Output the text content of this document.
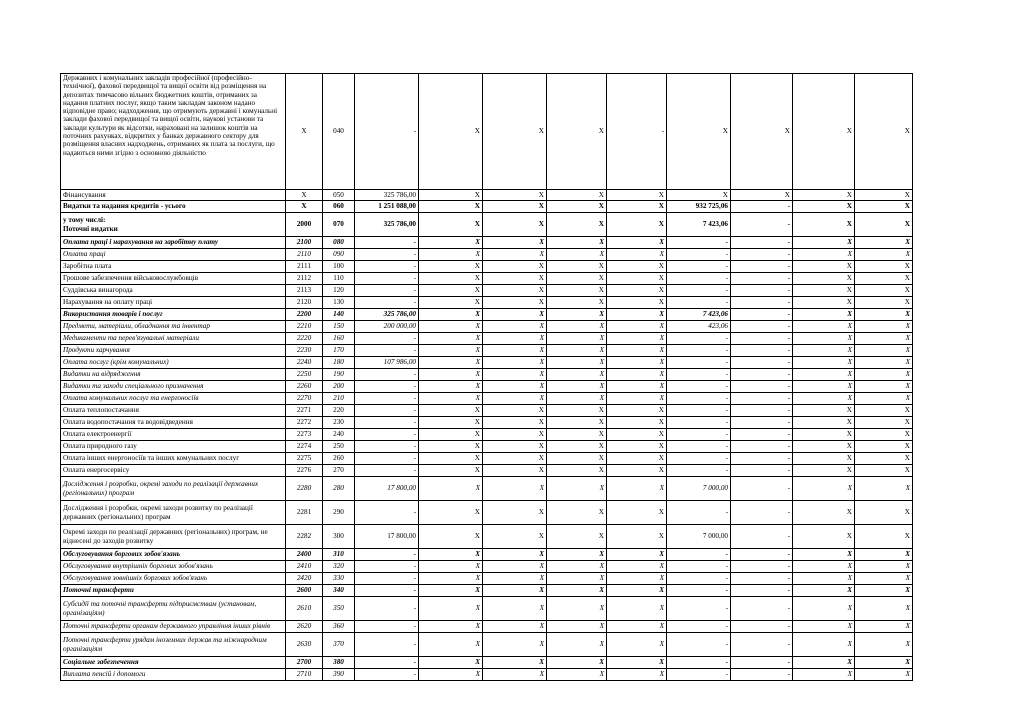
Державних і комунальних закладів професійної (професійно-технічної), фахової передвищої та вищої освіти від розміщення на депозитах тимчасово вільних бюджетних коштів, отриманих за надання платних послуг, якщо таким закладам законом надано відповідне право; надходження, що отримують державні і комунальні заклади фахової передвищої та вищої освіти, наукові установи та заклади культури як відсотки, нараховані на залишок коштів на поточних рахунках, відкритих у банках державного сектору для розміщення власних надходжень, отриманих як плата за послуги, що надаються ними згідно з основною діяльністю	X	040	-	X	X	X	-	X	X	X	X
Фінансування	X	050	325 786,00	X	X	X	X	X	X	X	X
Видатки та надання кредитів - усього	X	060	1 251 088,00	X	X	X	X	932 725,06	-	X	X
у тому числі:
Поточні видатки	2000	070	325 786,00	X	X	X	X	7 423,06	-	X	X
Оплата праці і нарахування на заробітну плату	2100	080	-	X	X	X	X	-	-	X	X
Оплата праці	2110	090	-	X	X	X	X	-	-	X	X
Заробітна плата	2111	100	-	X	X	X	X	-	-	X	X
Грошове забезпечення військовослужбовців	2112	110	-	X	X	X	X	-	-	X	X
Суддівська винагорода	2113	120	-	X	X	X	X	-	-	X	X
Нарахування на оплату праці	2120	130	-	X	X	X	X	-	-	X	X
Використання товарів і послуг	2200	140	325 786,00	X	X	X	X	7 423,06	-	X	X
Предмети, матеріали, обладнання та інвентар	2210	150	200 000,00	X	X	X	X	423,06	-	X	X
Медикаменти та перев'язувальні матеріали	2220	160	-	X	X	X	X	-	-	X	X
Продукти харчування	2230	170	-	X	X	X	X	-	-	X	X
Оплата послуг (крім комунальних)	2240	180	107 986,00	X	X	X	X	-	-	X	X
Видатки на відрядження	2250	190	-	X	X	X	X	-	-	X	X
Видатки та заходи спеціального призначення	2260	200	-	X	X	X	X	-	-	X	X
Оплата комунальних послуг та енергоносіїв	2270	210	-	X	X	X	X	-	-	X	X
Оплата теплопостачання	2271	220	-	X	X	X	X	-	-	X	X
Оплата водопостачання та водовідведення	2272	230	-	X	X	X	X	-	-	X	X
Оплата електроенергії	2273	240	-	X	X	X	X	-	-	X	X
Оплата природного газу	2274	250	-	X	X	X	X	-	-	X	X
Оплата інших енергоносіїв та інших комунальних послуг	2275	260	-	X	X	X	X	-	-	X	X
Оплата енергосервісу	2276	270	-	X	X	X	X	-	-	X	X
Дослідження і розробки, окремі заходи по реалізації державних (регіональних) програм	2280	280	17 800,00	X	X	X	X	7 000,00	-	X	X
Дослідження і розробки, окремі заходи розвитку по реалізації державних (регіональних) програм	2281	290	-	X	X	X	X	-	-	X	X
Окремі заходи по реалізації державних (регіональних) програм, не віднесені до заходів розвитку	2282	300	17 800,00	X	X	X	X	7 000,00	-	X	X
Обслуговування боргових зобов'язань	2400	310	-	X	X	X	X	-	-	X	X
Обслуговування внутрішніх боргових зобов'язань	2410	320	-	X	X	X	X	-	-	X	X
Обслуговування зовнішніх боргових зобов'язань	2420	330	-	X	X	X	X	-	-	X	X
Поточні трансферти	2600	340	-	X	X	X	X	-	-	X	X
Субсидії та поточні трансферти підприємствам (установам, організаціям)	2610	350	-	X	X	X	X	-	-	X	X
Поточні трансферти органам державного управління інших рівнів	2620	360	-	X	X	X	X	-	-	X	X
Поточні трансферти урядам іноземних держав та міжнародним організаціям	2630	370	-	X	X	X	X	-	-	X	X
Соціальне забезпечення	2700	380	-	X	X	X	X	-	-	X	X
Виплата пенсій і допомоги	2710	390	-	X	X	X	X	-	-	X	X
